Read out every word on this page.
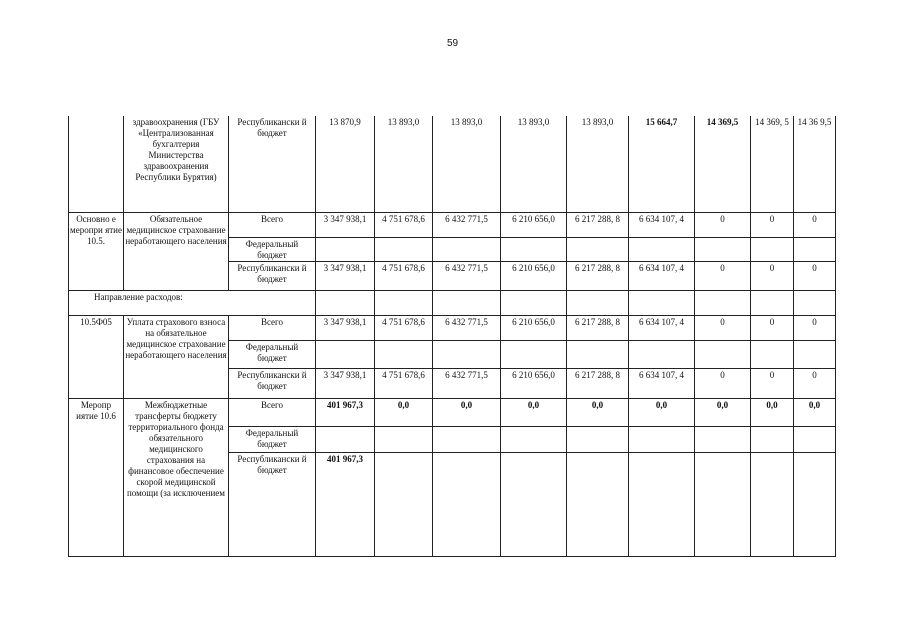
59
	здравоохранения (ГБУ «Централизованная бухгалтерия Министерства здравоохранения Республики Бурятия)	Республикански й бюджет	13 870,9	13 893,0	13 893,0	13 893,0	13 893,0	15 664,7	14 369,5	14 369, 5	14 36 9,5
Основно е меропри ятие 10.5.	Обязательное медицинское страхование неработающего населения	Всего	3 347 938,1	4 751 678,6	6 432 771,5	6 210 656,0	6 217 288, 8	6 634 107, 4	0	0	0
		Федеральный бюджет									
		Республикански й бюджет	3 347 938,1	4 751 678,6	6 432 771,5	6 210 656,0	6 217 288, 8	6 634 107, 4	0	0	0
Направление расходов:											
10.5Ф05	Уплата страхового взноса на обязательное медицинское страхование неработающего населения	Всего	3 347 938,1	4 751 678,6	6 432 771,5	6 210 656,0	6 217 288, 8	6 634 107, 4	0	0	0
		Федеральный бюджет									
		Республикански й бюджет	3 347 938,1	4 751 678,6	6 432 771,5	6 210 656,0	6 217 288, 8	6 634 107, 4	0	0	0
Меропр иятие 10.6	Межбюджетные трансферты бюджету территориального фонда обязательного медицинского страхования на финансовое обеспечение скорой медицинской помощи (за исключением	Всего	401 967,3	0,0	0,0	0,0	0,0	0,0	0,0	0,0	0,0
		Федеральный бюджет									
		Республикански й бюджет	401 967,3								
